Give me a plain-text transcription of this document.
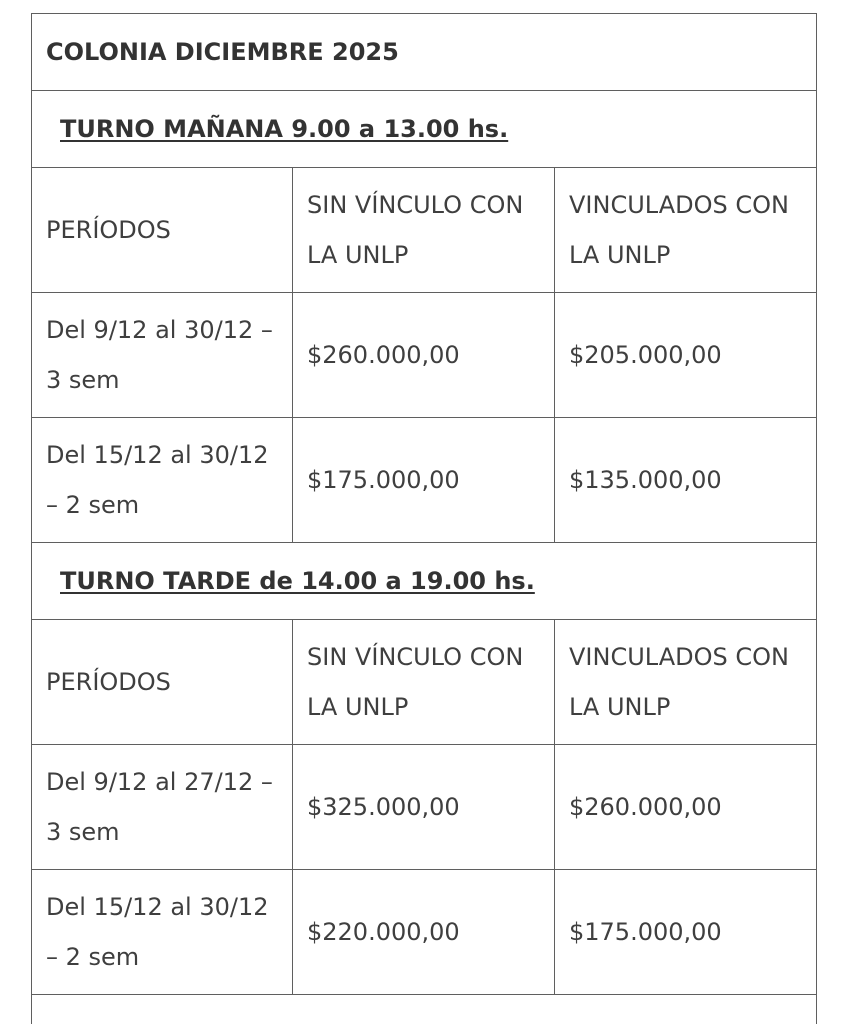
COLONIA DICIEMBRE 2025		
TURNO MAÑANA 9.00 a 13.00 hs.		
PERÍODOS	SIN VÍNCULO CON LA UNLP	VINCULADOS CON LA UNLP
Del 9/12 al 30/12 – 3 sem	$260.000,00	$205.000,00
Del 15/12 al 30/12 – 2 sem	$175.000,00	$135.000,00
TURNO TARDE de 14.00 a 19.00 hs.		
PERÍODOS	SIN VÍNCULO CON LA UNLP	VINCULADOS CON LA UNLP
Del 9/12 al 27/12 – 3 sem	$325.000,00	$260.000,00
Del 15/12 al 30/12 – 2 sem	$220.000,00	$175.000,00
